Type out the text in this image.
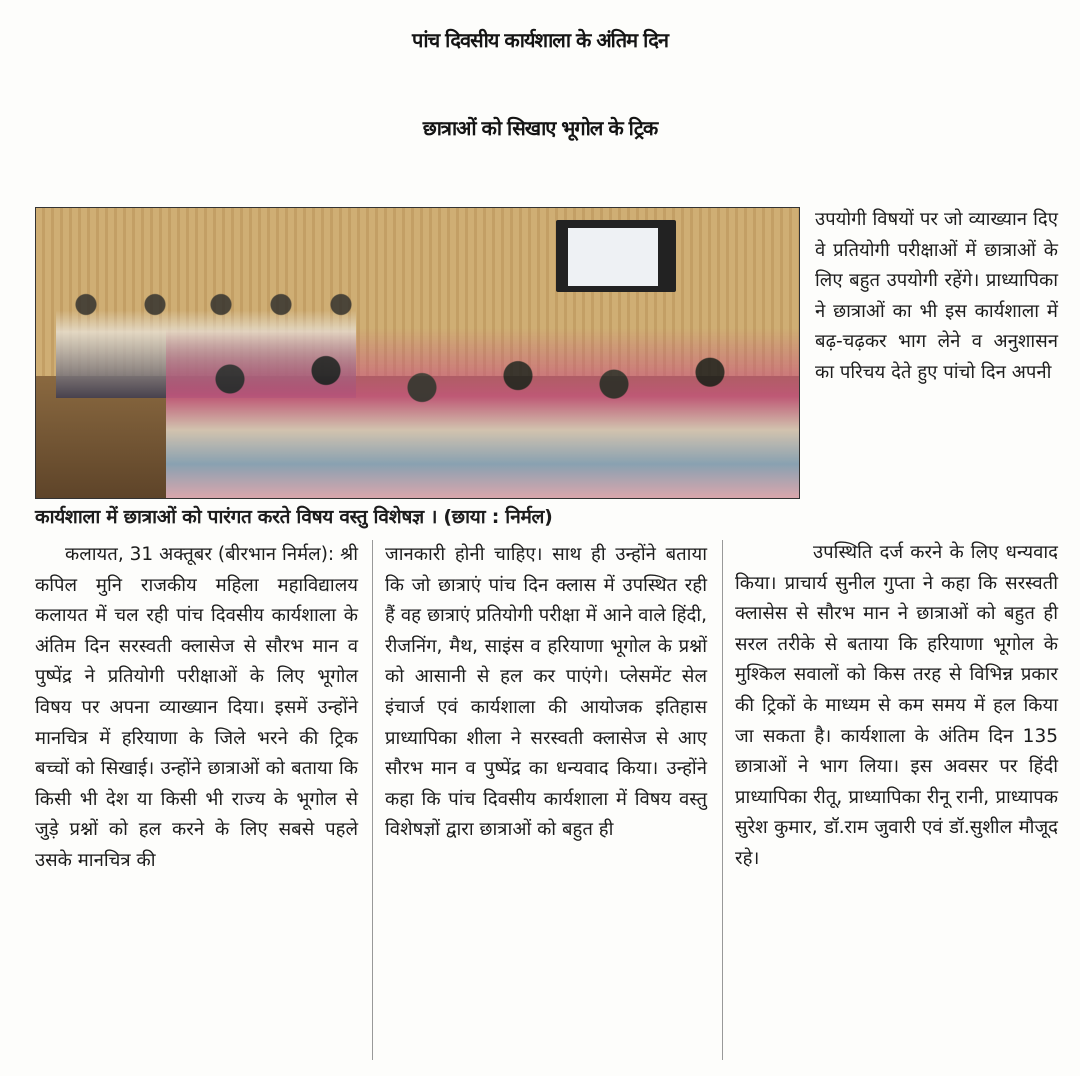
पांच दिवसीय कार्यशाला के अंतिम दिन
छात्राओं को सिखाए भूगोल के ट्रिक
कार्यशाला में छात्राओं को पारंगत करते विषय वस्तु विशेषज्ञ । (छाया : निर्मल)
उपयोगी विषयों पर जो व्याख्यान दिए वे प्रतियोगी परीक्षाओं में छात्राओं के लिए बहुत उपयोगी रहेंगे। प्राध्यापिका ने छात्राओं का भी इस कार्यशाला में बढ़-चढ़कर भाग लेने व अनुशासन का परिचय देते हुए पांचो दिन अपनी
कलायत, 31 अक्तूबर (बीरभान निर्मल): श्री कपिल मुनि राजकीय महिला महाविद्यालय कलायत में चल रही पांच दिवसीय कार्यशाला के अंतिम दिन सरस्वती क्लासेज से सौरभ मान व पुष्पेंद्र ने प्रतियोगी परीक्षाओं के लिए भूगोल विषय पर अपना व्याख्यान दिया। इसमें उन्होंने मानचित्र में हरियाणा के जिले भरने की ट्रिक बच्चों को सिखाई। उन्होंने छात्राओं को बताया कि किसी भी देश या किसी भी राज्य के भूगोल से जुड़े प्रश्नों को हल करने के लिए सबसे पहले उसके मानचित्र की
जानकारी होनी चाहिए। साथ ही उन्होंने बताया कि जो छात्राएं पांच दिन क्लास में उपस्थित रही हैं वह छात्राएं प्रतियोगी परीक्षा में आने वाले हिंदी, रीजनिंग, मैथ, साइंस व हरियाणा भूगोल के प्रश्नों को आसानी से हल कर पाएंगे। प्लेसमेंट सेल इंचार्ज एवं कार्यशाला की आयोजक इतिहास प्राध्यापिका शीला ने सरस्वती क्लासेज से आए सौरभ मान व पुष्पेंद्र का धन्यवाद किया। उन्होंने कहा कि पांच दिवसीय कार्यशाला में विषय वस्तु विशेषज्ञों द्वारा छात्राओं को बहुत ही
उपस्थिति दर्ज करने के लिए धन्यवाद किया। प्राचार्य सुनील गुप्ता ने कहा कि सरस्वती क्लासेस से सौरभ मान ने छात्राओं को बहुत ही सरल तरीके से बताया कि हरियाणा भूगोल के मुश्किल सवालों को किस तरह से विभिन्न प्रकार की ट्रिकों के माध्यम से कम समय में हल किया जा सकता है। कार्यशाला के अंतिम दिन 135 छात्राओं ने भाग लिया। इस अवसर पर हिंदी प्राध्यापिका रीतू, प्राध्यापिका रीनू रानी, प्राध्यापक सुरेश कुमार, डॉ.राम जुवारी एवं डॉ.सुशील मौजूद रहे।
